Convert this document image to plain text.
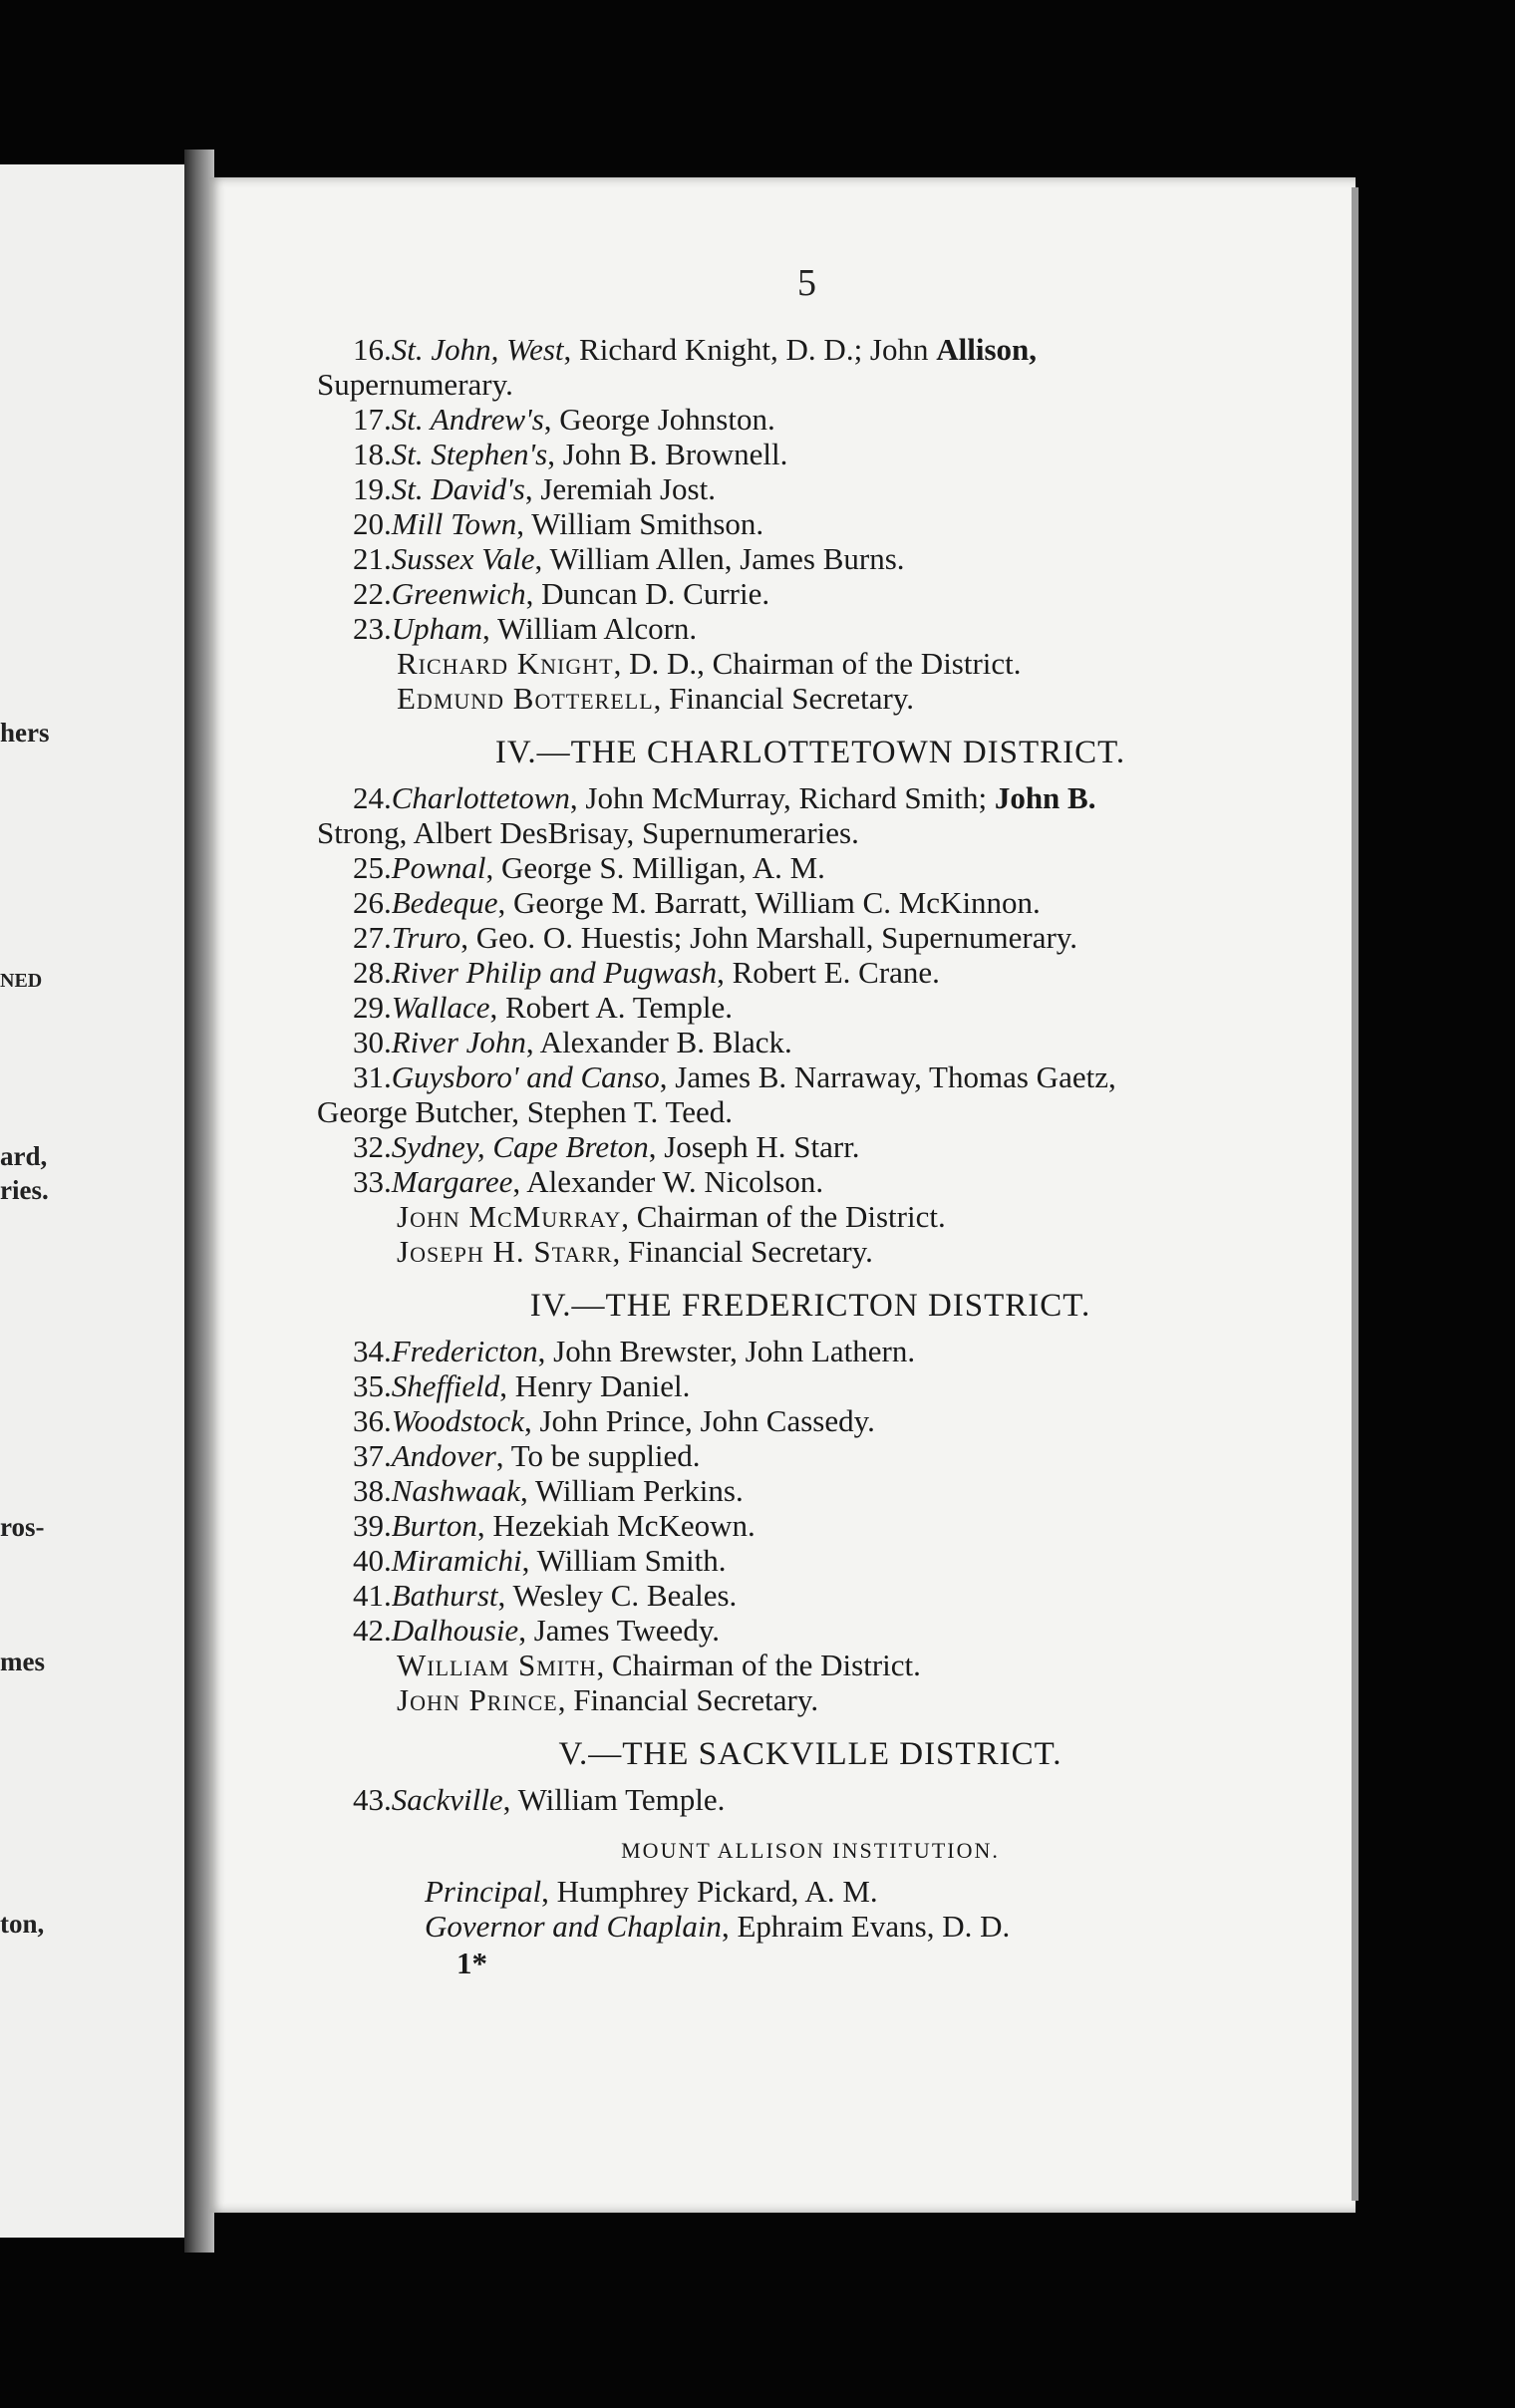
hers
NED
ard,
ries.
ros-
mes
ton,
5
16.St. John, West, Richard Knight, D. D.; John Allison,
Supernumerary.
17.St. Andrew's, George Johnston.
18.St. Stephen's, John B. Brownell.
19.St. David's, Jeremiah Jost.
20.Mill Town, William Smithson.
21.Sussex Vale, William Allen, James Burns.
22.Greenwich, Duncan D. Currie.
23.Upham, William Alcorn.
Richard Knight, D. D., Chairman of the District.
Edmund Botterell, Financial Secretary.
IV.—THE CHARLOTTETOWN DISTRICT.
24.Charlottetown, John McMurray, Richard Smith; John B.
Strong, Albert DesBrisay, Supernumeraries.
25.Pownal, George S. Milligan, A. M.
26.Bedeque, George M. Barratt, William C. McKinnon.
27.Truro, Geo. O. Huestis; John Marshall, Supernumerary.
28.River Philip and Pugwash, Robert E. Crane.
29.Wallace, Robert A. Temple.
30.River John, Alexander B. Black.
31.Guysboro' and Canso, James B. Narraway, Thomas Gaetz,
George Butcher, Stephen T. Teed.
32.Sydney, Cape Breton, Joseph H. Starr.
33.Margaree, Alexander W. Nicolson.
John McMurray, Chairman of the District.
Joseph H. Starr, Financial Secretary.
IV.—THE FREDERICTON DISTRICT.
34.Fredericton, John Brewster, John Lathern.
35.Sheffield, Henry Daniel.
36.Woodstock, John Prince, John Cassedy.
37.Andover, To be supplied.
38.Nashwaak, William Perkins.
39.Burton, Hezekiah McKeown.
40.Miramichi, William Smith.
41.Bathurst, Wesley C. Beales.
42.Dalhousie, James Tweedy.
William Smith, Chairman of the District.
John Prince, Financial Secretary.
V.—THE SACKVILLE DISTRICT.
43.Sackville, William Temple.
MOUNT ALLISON INSTITUTION.
Principal, Humphrey Pickard, A. M.
Governor and Chaplain, Ephraim Evans, D. D.
1*
